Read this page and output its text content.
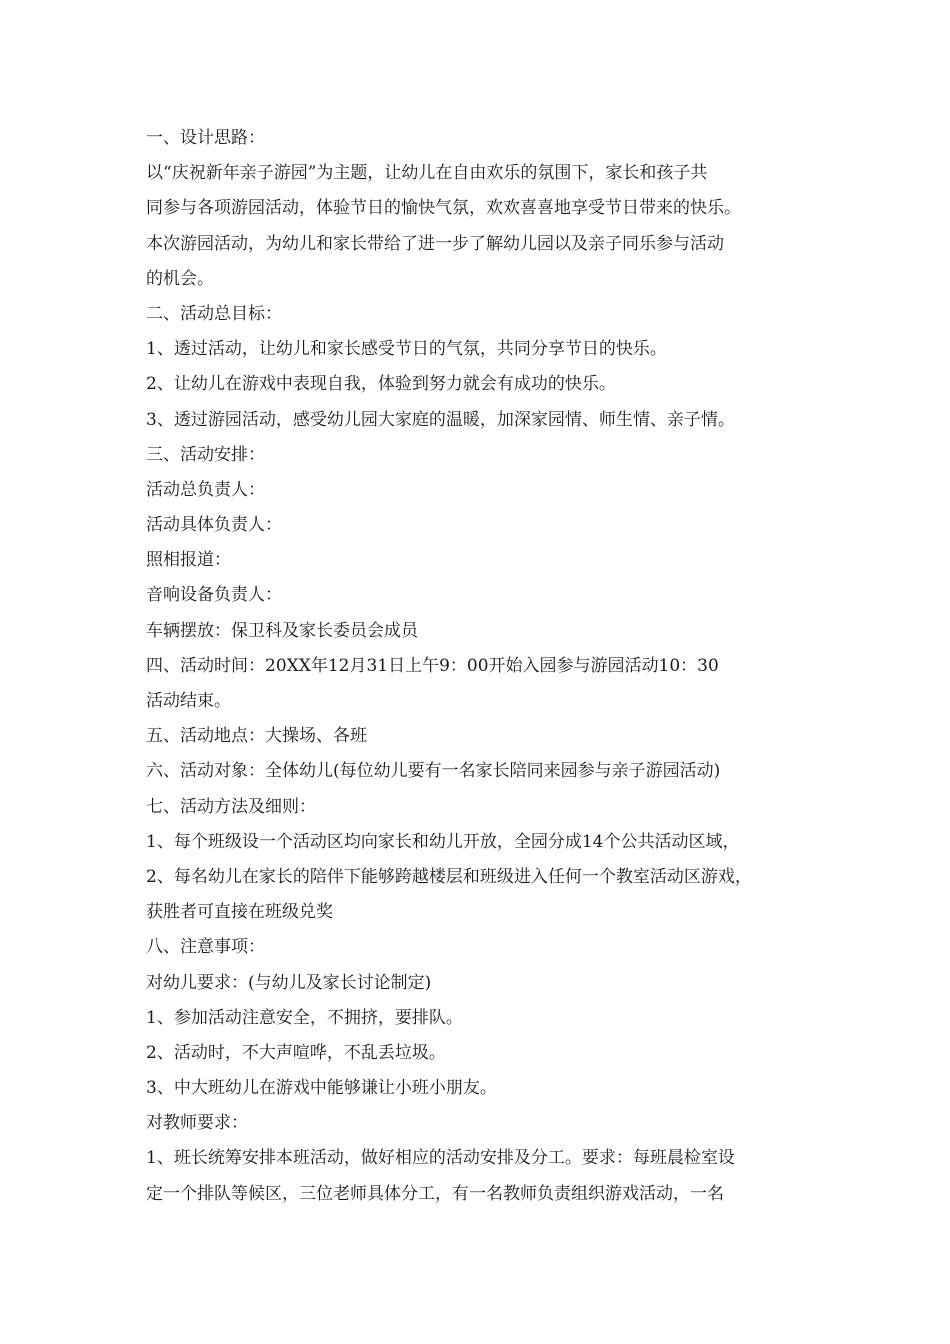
一、设计思路：
以“庆祝新年亲子游园”为主题，让幼儿在自由欢乐的氛围下，家长和孩子共
同参与各项游园活动，体验节日的愉快气氛，欢欢喜喜地享受节日带来的快乐。
本次游园活动，为幼儿和家长带给了进一步了解幼儿园以及亲子同乐参与活动
的机会。
二、活动总目标：
1、透过活动，让幼儿和家长感受节日的气氛，共同分享节日的快乐。
2、让幼儿在游戏中表现自我，体验到努力就会有成功的快乐。
3、透过游园活动，感受幼儿园大家庭的温暖，加深家园情、师生情、亲子情。
三、活动安排：
活动总负责人：
活动具体负责人：
照相报道：
音响设备负责人：
车辆摆放：保卫科及家长委员会成员
四、活动时间：20XX年12月31日上午9：00开始入园参与游园活动10：30
活动结束。
五、活动地点：大操场、各班
六、活动对象：全体幼儿(每位幼儿要有一名家长陪同来园参与亲子游园活动)
七、活动方法及细则：
1、每个班级设一个活动区均向家长和幼儿开放，全园分成14个公共活动区域，
2、每名幼儿在家长的陪伴下能够跨越楼层和班级进入任何一个教室活动区游戏，
获胜者可直接在班级兑奖
八、注意事项：
对幼儿要求：(与幼儿及家长讨论制定)
1、参加活动注意安全，不拥挤，要排队。
2、活动时，不大声喧哗，不乱丢垃圾。
3、中大班幼儿在游戏中能够谦让小班小朋友。
对教师要求：
1、班长统筹安排本班活动，做好相应的活动安排及分工。要求：每班晨检室设
定一个排队等候区，三位老师具体分工，有一名教师负责组织游戏活动，一名
